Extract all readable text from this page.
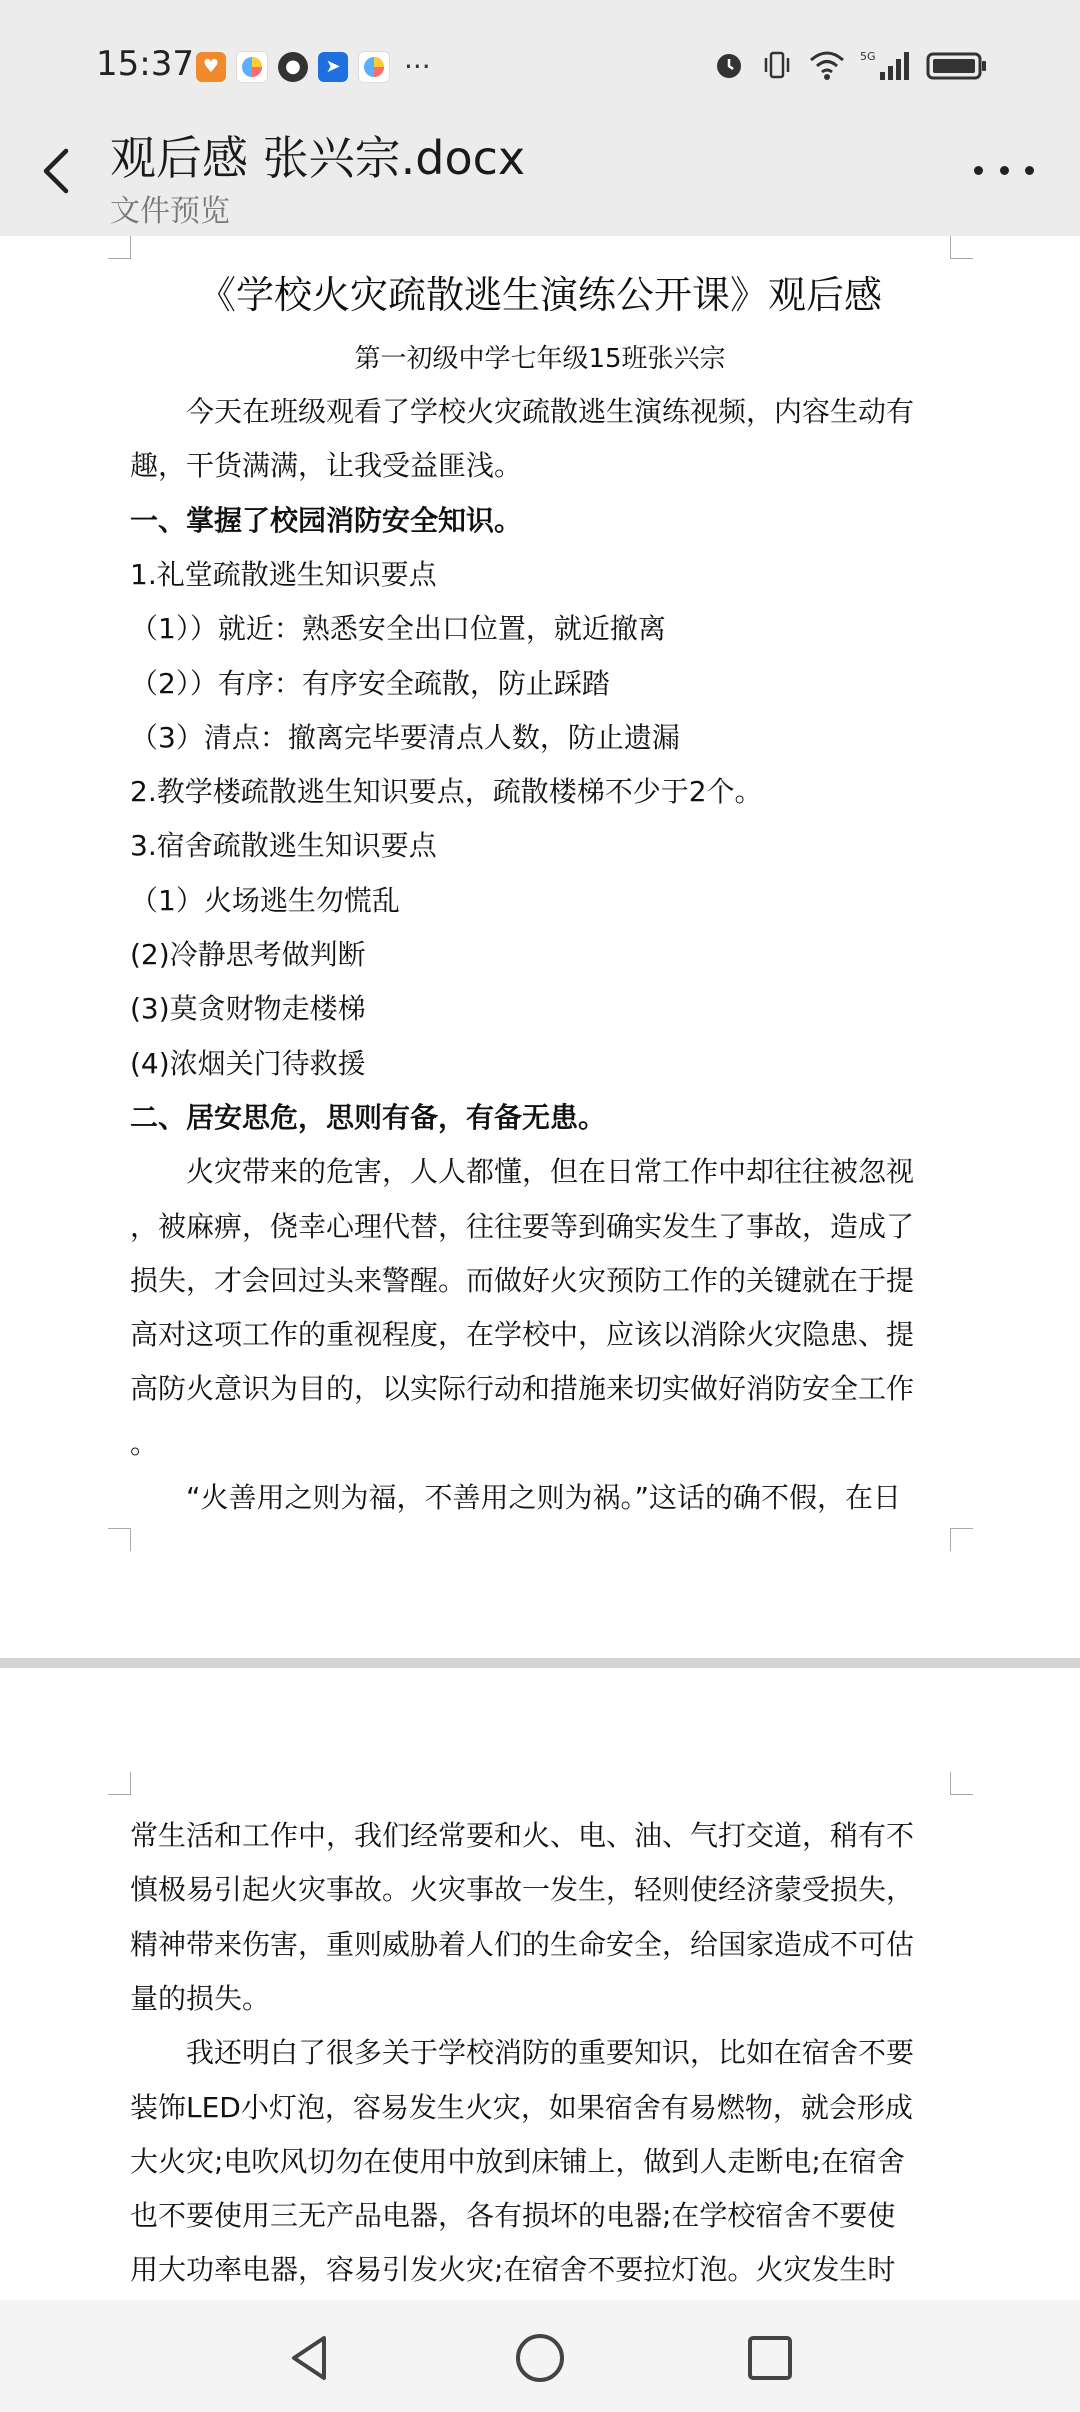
15:37 ♥	●	➤ ···	5G
观后感 张兴宗.docx
文件预览
《学校火灾疏散逃生演练公开课》观后感
第一初级中学七年级15班张兴宗
今天在班级观看了学校火灾疏散逃生演练视频，内容生动有
趣，干货满满，让我受益匪浅。
一、掌握了校园消防安全知识。
1.礼堂疏散逃生知识要点
（1））就近：熟悉安全出口位置，就近撤离
（2））有序：有序安全疏散，防止踩踏
（3）清点：撤离完毕要清点人数，防止遗漏
2.教学楼疏散逃生知识要点，疏散楼梯不少于2个。
3.宿舍疏散逃生知识要点
（1）火场逃生勿慌乱
(2)冷静思考做判断
(3)莫贪财物走楼梯
(4)浓烟关门待救援
二、居安思危，思则有备，有备无患。
火灾带来的危害，人人都懂，但在日常工作中却往往被忽视
，被麻痹，侥幸心理代替，往往要等到确实发生了事故，造成了
损失，才会回过头来警醒。而做好火灾预防工作的关键就在于提
高对这项工作的重视程度，在学校中，应该以消除火灾隐患、提
高防火意识为目的，以实际行动和措施来切实做好消防安全工作
。
“火善用之则为福，不善用之则为祸。”这话的确不假，在日
常生活和工作中，我们经常要和火、电、油、气打交道，稍有不
慎极易引起火灾事故。火灾事故一发生，轻则使经济蒙受损失，
精神带来伤害，重则威胁着人们的生命安全，给国家造成不可估
量的损失。
我还明白了很多关于学校消防的重要知识，比如在宿舍不要
装饰LED小灯泡，容易发生火灾，如果宿舍有易燃物，就会形成
大火灾;电吹风切勿在使用中放到床铺上，做到人走断电;在宿舍
也不要使用三无产品电器，各有损坏的电器;在学校宿舍不要使
用大功率电器，容易引发火灾;在宿舍不要拉灯泡。火灾发生时
